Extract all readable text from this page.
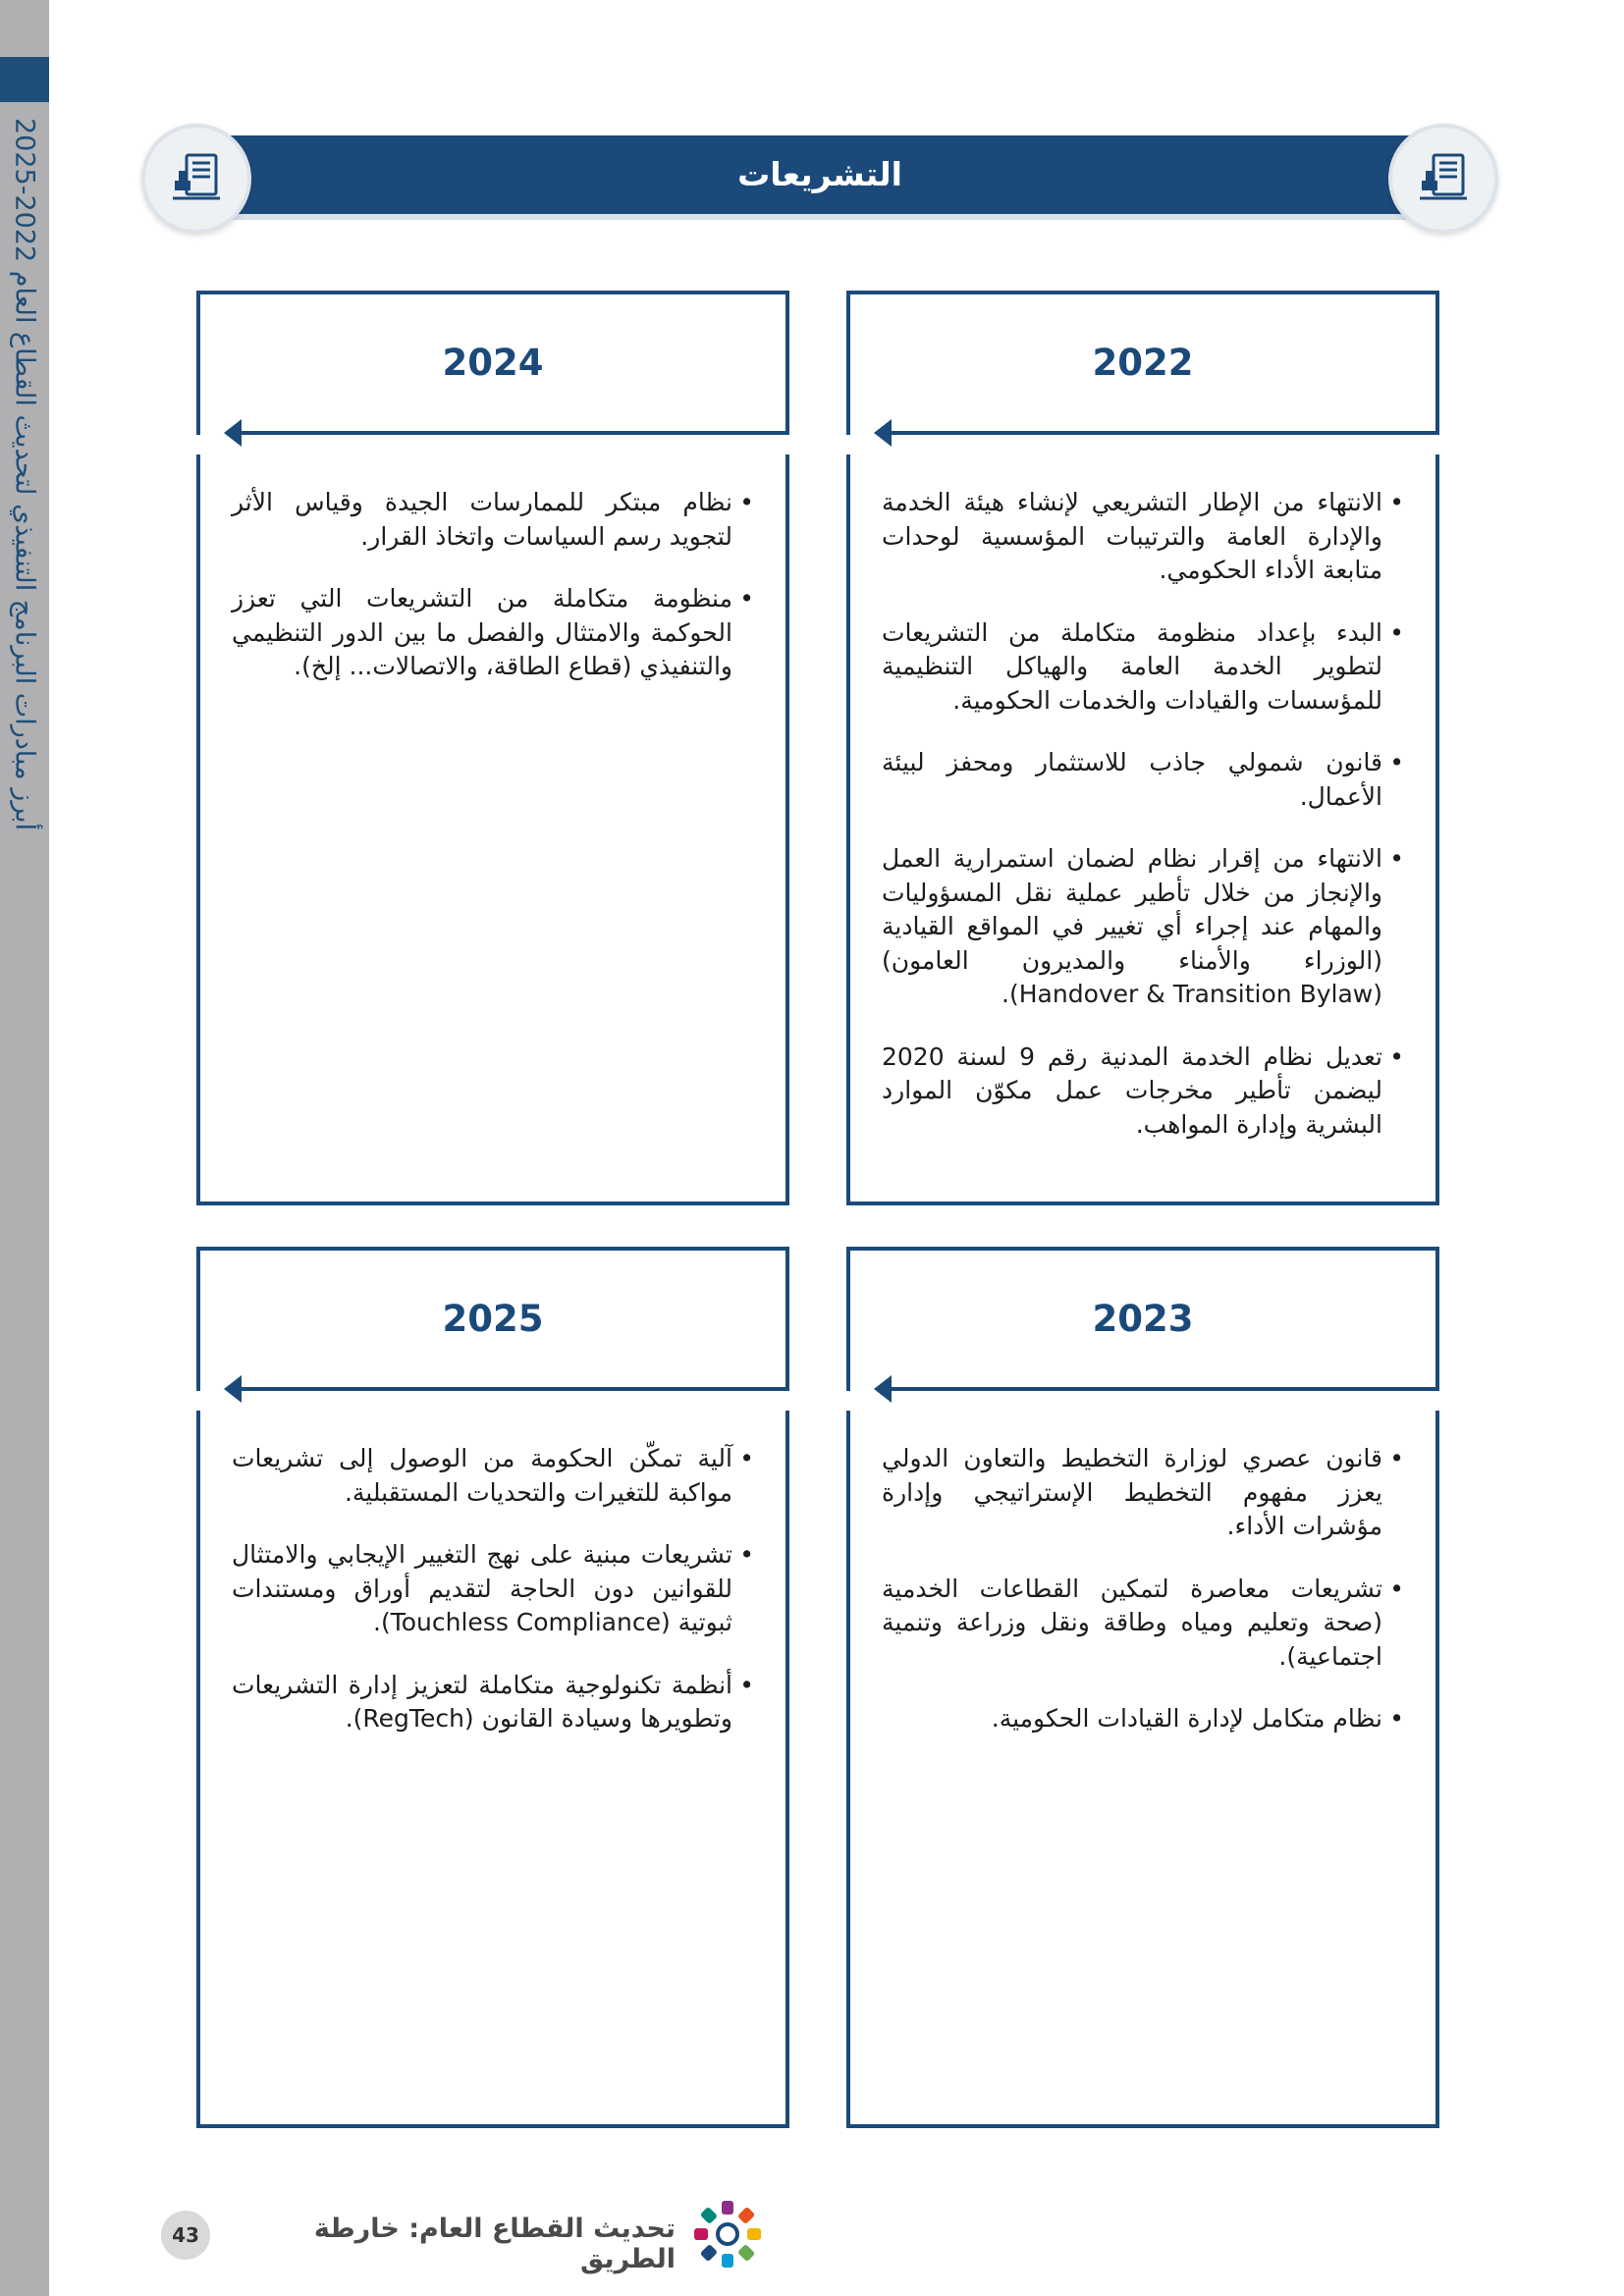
أبرز مبادرات البرنامج التنفيذي لتحديث القطاع العام 2022-2025
التشريعات
2022
• الانتهاء من الإطار التشريعي لإنشاء هيئة الخدمة والإدارة العامة والترتيبات المؤسسية لوحدات متابعة الأداء الحكومي.
• البدء بإعداد منظومة متكاملة من التشريعات لتطوير الخدمة العامة والهياكل التنظيمية للمؤسسات والقيادات والخدمات الحكومية.
• قانون شمولي جاذب للاستثمار ومحفز لبيئة الأعمال.
• الانتهاء من إقرار نظام لضمان استمرارية العمل والإنجاز من خلال تأطير عملية نقل المسؤوليات والمهام عند إجراء أي تغيير في المواقع القيادية (الوزراء والأمناء والمديرون العامون) (Handover & Transition Bylaw).
• تعديل نظام الخدمة المدنية رقم 9 لسنة 2020 ليضمن تأطير مخرجات عمل مكوّن الموارد البشرية وإدارة المواهب.
2024
• نظام مبتكر للممارسات الجيدة وقياس الأثر لتجويد رسم السياسات واتخاذ القرار.
• منظومة متكاملة من التشريعات التي تعزز الحوكمة والامتثال والفصل ما بين الدور التنظيمي والتنفيذي (قطاع الطاقة، والاتصالات... إلخ).
2023
• قانون عصري لوزارة التخطيط والتعاون الدولي يعزز مفهوم التخطيط الإستراتيجي وإدارة مؤشرات الأداء.
• تشريعات معاصرة لتمكين القطاعات الخدمية (صحة وتعليم ومياه وطاقة ونقل وزراعة وتنمية اجتماعية).
• نظام متكامل لإدارة القيادات الحكومية.
2025
• آلية تمكّن الحكومة من الوصول إلى تشريعات مواكبة للتغيرات والتحديات المستقبلية.
• تشريعات مبنية على نهج التغيير الإيجابي والامتثال للقوانين دون الحاجة لتقديم أوراق ومستندات ثبوتية (Touchless Compliance).
• أنظمة تكنولوجية متكاملة لتعزيز إدارة التشريعات وتطويرها وسيادة القانون (RegTech).
43	تحديث القطاع العام: خارطة الطريق
